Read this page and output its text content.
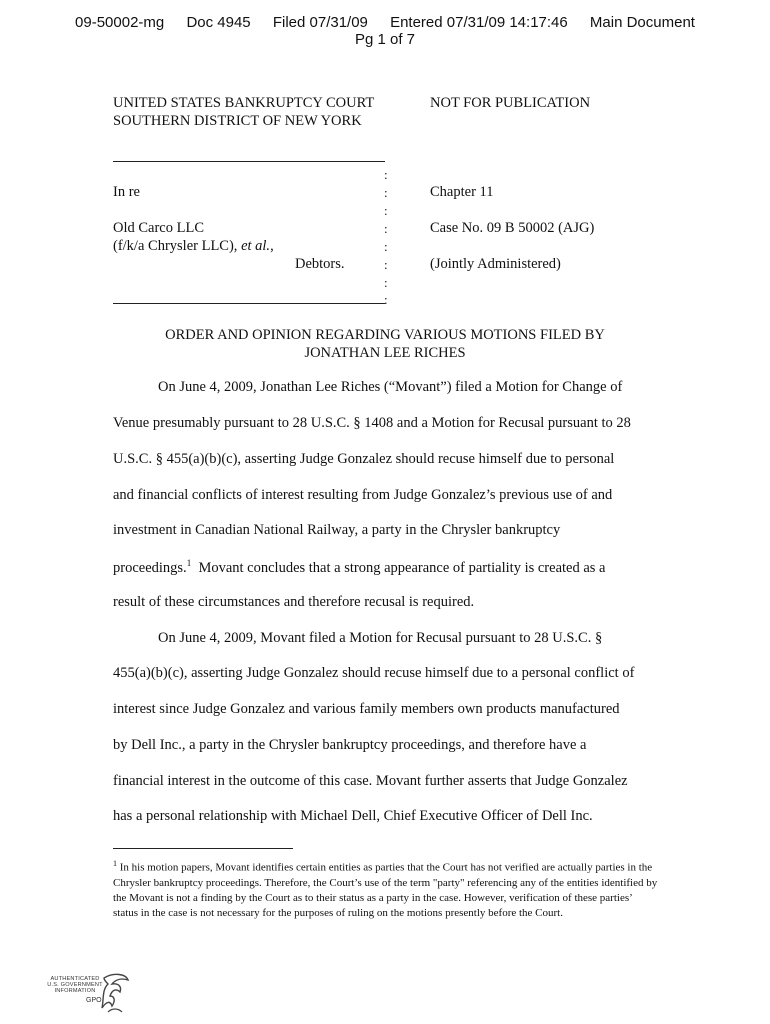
09-50002-mg Doc 4945 Filed 07/31/09 Entered 07/31/09 14:17:46 Main Document
Pg 1 of 7
UNITED STATES BANKRUPTCY COURT
SOUTHERN DISTRICT OF NEW YORK
NOT FOR PUBLICATION
:
:
:
:
:
:
:
:
In re
Old Carco LLC
(f/k/a Chrysler LLC), et al.,
Debtors.
Chapter 11
Case No. 09 B 50002 (AJG)
(Jointly Administered)
ORDER AND OPINION REGARDING VARIOUS MOTIONS FILED BY
JONATHAN LEE RICHES
On June 4, 2009, Jonathan Lee Riches (“Movant”) filed a Motion for Change of
Venue presumably pursuant to 28 U.S.C. § 1408 and a Motion for Recusal pursuant to 28
U.S.C. § 455(a)(b)(c), asserting Judge Gonzalez should recuse himself due to personal
and financial conflicts of interest resulting from Judge Gonzalez’s previous use of and
investment in Canadian National Railway, a party in the Chrysler bankruptcy
proceedings.$^1$  Movant concludes that a strong appearance of partiality is created as a
result of these circumstances and therefore recusal is required.
On June 4, 2009, Movant filed a Motion for Recusal pursuant to 28 U.S.C. §
455(a)(b)(c), asserting Judge Gonzalez should recuse himself due to a personal conflict of
interest since Judge Gonzalez and various family members own products manufactured
by Dell Inc., a party in the Chrysler bankruptcy proceedings, and therefore have a
financial interest in the outcome of this case. Movant further asserts that Judge Gonzalez
has a personal relationship with Michael Dell, Chief Executive Officer of Dell Inc.
$^1$ In his motion papers, Movant identifies certain entities as parties that the Court has not verified are actually parties in the Chrysler bankruptcy proceedings. Therefore, the Court’s use of the term "party" referencing any of the entities identified by the Movant is not a finding by the Court as to their status as a party in the case. However, verification of these parties’ status in the case is not necessary for the purposes of ruling on the motions presently before the Court.
AUTHENTICATED
U.S. GOVERNMENT
INFORMATION
GPO
